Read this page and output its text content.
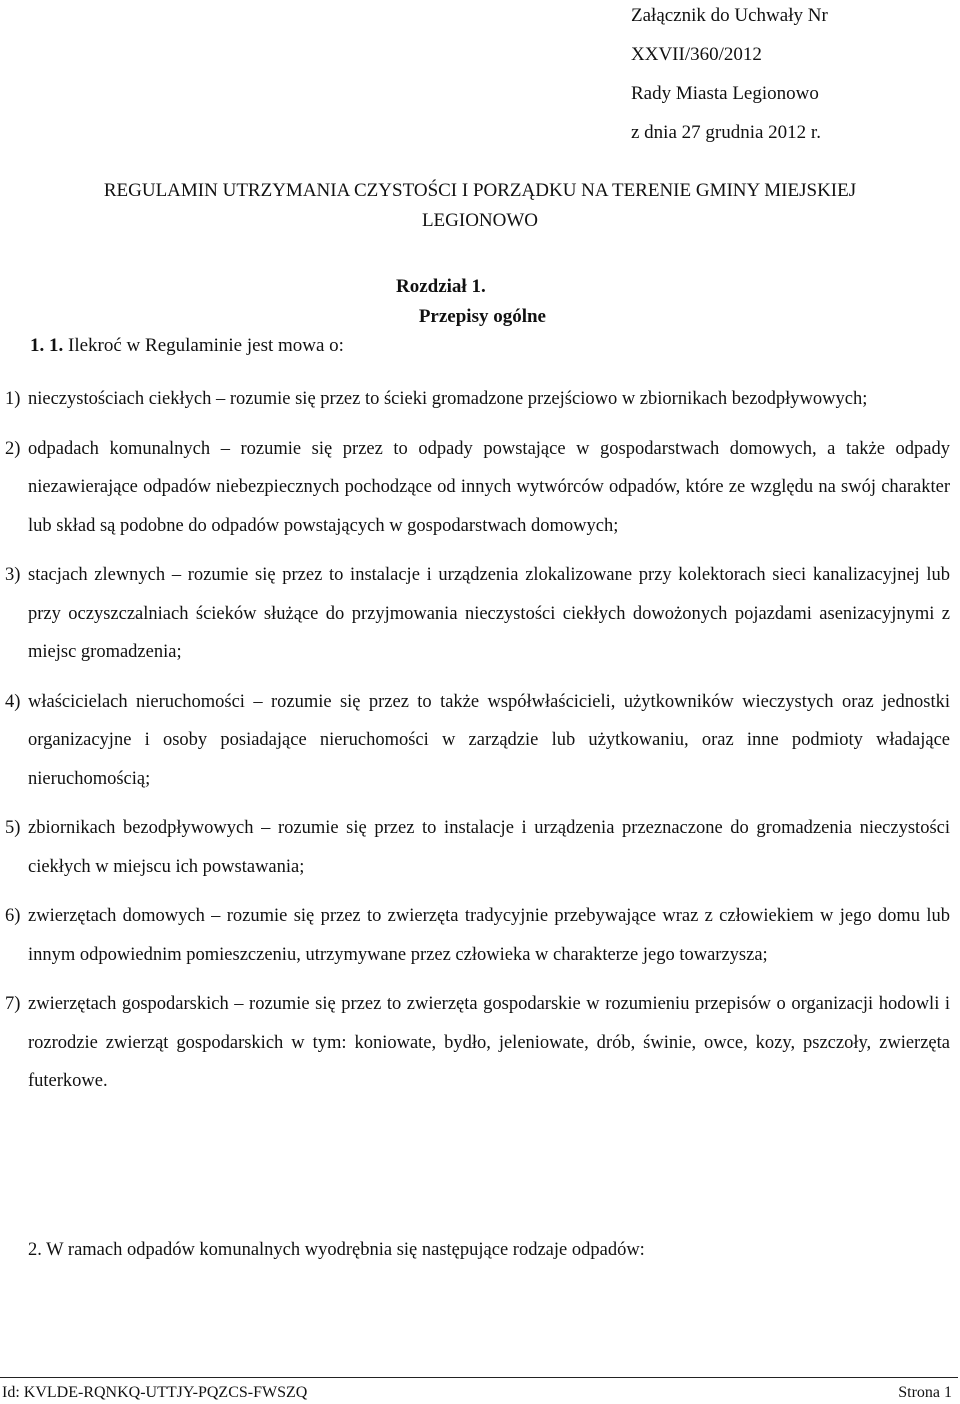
Załącznik do Uchwały Nr
XXVII/360/2012
Rady Miasta Legionowo
z dnia 27 grudnia 2012 r.
REGULAMIN UTRZYMANIA CZYSTOŚCI I PORZĄDKU NA TERENIE GMINY MIEJSKIEJ
LEGIONOWO
Rozdział 1.
Przepisy ogólne
1. 1. Ilekroć w Regulaminie jest mowa o:
1) nieczystościach ciekłych – rozumie się przez to ścieki gromadzone przejściowo w zbiornikach bezodpływowych;
2) odpadach komunalnych – rozumie się przez to odpady powstające w gospodarstwach domowych, a także odpady niezawierające odpadów niebezpiecznych pochodzące od innych wytwórców odpadów, które ze względu na swój charakter lub skład są podobne do odpadów powstających w gospodarstwach domowych;
3) stacjach zlewnych – rozumie się przez to instalacje i urządzenia zlokalizowane przy kolektorach sieci kanalizacyjnej lub przy oczyszczalniach ścieków służące do przyjmowania nieczystości ciekłych dowożonych pojazdami asenizacyjnymi z miejsc gromadzenia;
4) właścicielach nieruchomości – rozumie się przez to także współwłaścicieli, użytkowników wieczystych oraz jednostki organizacyjne i osoby posiadające nieruchomości w zarządzie lub użytkowaniu, oraz inne podmioty władające nieruchomością;
5) zbiornikach bezodpływowych – rozumie się przez to instalacje i urządzenia przeznaczone do gromadzenia nieczystości ciekłych w miejscu ich powstawania;
6) zwierzętach domowych – rozumie się przez to zwierzęta tradycyjnie przebywające wraz z człowiekiem w jego domu lub innym odpowiednim pomieszczeniu, utrzymywane przez człowieka w charakterze jego towarzysza;
7) zwierzętach gospodarskich – rozumie się przez to zwierzęta gospodarskie w rozumieniu przepisów o organizacji hodowli i rozrodzie zwierząt gospodarskich w tym: koniowate, bydło, jeleniowate, drób, świnie, owce, kozy, pszczoły, zwierzęta futerkowe.
2. W ramach odpadów komunalnych wyodrębnia się następujące rodzaje odpadów:
Id: KVLDE-RQNKQ-UTTJY-PQZCS-FWSZQ	Strona 1
